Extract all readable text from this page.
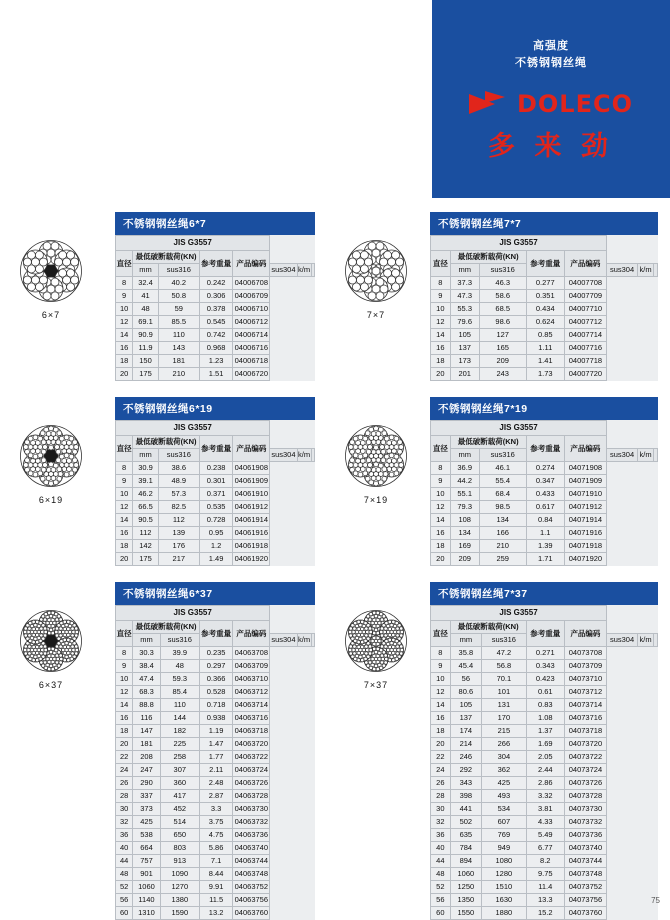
高强度
不锈钢钢丝绳
DOLECO
多 来 劲
6×7
不锈钢钢丝绳6*7
JIS G3557							
直径	最低破断载荷(KN)		参考重量	产品编码			
	mm	sus316			sus304	k/m	
8	32.4	40.2	0.242	04006708			
9	41	50.8	0.306	04006709			
10	48	59	0.378	04006710			
12	69.1	85.5	0.545	04006712			
14	90.9	110	0.742	04006714			
16	11.9	143	0.968	04006716			
18	150	181	1.23	04006718			
20	175	210	1.51	04006720			
7×7
不锈钢钢丝绳7*7
JIS G3557							
直径	最低破断载荷(KN)		参考重量	产品编码			
	mm	sus316			sus304	k/m	
8	37.3	46.3	0.277	04007708			
9	47.3	58.6	0.351	04007709			
10	55.3	68.5	0.434	04007710			
12	79.6	98.6	0.624	04007712			
14	105	127	0.85	04007714			
16	137	165	1.11	04007716			
18	173	209	1.41	04007718			
20	201	243	1.73	04007720			
6×19
不锈钢钢丝绳6*19
JIS G3557							
直径	最低破断载荷(KN)		参考重量	产品编码			
	mm	sus316			sus304	k/m	
8	30.9	38.6	0.238	04061908			
9	39.1	48.9	0.301	04061909			
10	46.2	57.3	0.371	04061910			
12	66.5	82.5	0.535	04061912			
14	90.5	112	0.728	04061914			
16	112	139	0.95	04061916			
18	142	176	1.2	04061918			
20	175	217	1.49	04061920			
7×19
不锈钢钢丝绳7*19
JIS G3557							
直径	最低破断载荷(KN)		参考重量	产品编码			
	mm	sus316			sus304	k/m	
8	36.9	46.1	0.274	04071908			
9	44.2	55.4	0.347	04071909			
10	55.1	68.4	0.433	04071910			
12	79.3	98.5	0.617	04071912			
14	108	134	0.84	04071914			
16	134	166	1.1	04071916			
18	169	210	1.39	04071918			
20	209	259	1.71	04071920			
6×37
不锈钢钢丝绳6*37
JIS G3557							
直径	最低破断载荷(KN)		参考重量	产品编码			
	mm	sus316			sus304	k/m	
8	30.3	39.9	0.235	04063708			
9	38.4	48	0.297	04063709			
10	47.4	59.3	0.366	04063710			
12	68.3	85.4	0.528	04063712			
14	88.8	110	0.718	04063714			
16	116	144	0.938	04063716			
18	147	182	1.19	04063718			
20	181	225	1.47	04063720			
22	208	258	1.77	04063722			
24	247	307	2.11	04063724			
26	290	360	2.48	04063726			
28	337	417	2.87	04063728			
30	373	452	3.3	04063730			
32	425	514	3.75	04063732			
36	538	650	4.75	04063736			
40	664	803	5.86	04063740			
44	757	913	7.1	04063744			
48	901	1090	8.44	04063748			
52	1060	1270	9.91	04063752			
56	1140	1380	11.5	04063756			
60	1310	1590	13.2	04063760			
7×37
不锈钢钢丝绳7*37
JIS G3557							
直径	最低破断载荷(KN)		参考重量	产品编码			
	mm	sus316			sus304	k/m	
8	35.8	47.2	0.271	04073708			
9	45.4	56.8	0.343	04073709			
10	56	70.1	0.423	04073710			
12	80.6	101	0.61	04073712			
14	105	131	0.83	04073714			
16	137	170	1.08	04073716			
18	174	215	1.37	04073718			
20	214	266	1.69	04073720			
22	246	304	2.05	04073722			
24	292	362	2.44	04073724			
26	343	425	2.86	04073726			
28	398	493	3.32	04073728			
30	441	534	3.81	04073730			
32	502	607	4.33	04073732			
36	635	769	5.49	04073736			
40	784	949	6.77	04073740			
44	894	1080	8.2	04073744			
48	1060	1280	9.75	04073748			
52	1250	1510	11.4	04073752			
56	1350	1630	13.3	04073756			
60	1550	1880	15.2	04073760			
75
